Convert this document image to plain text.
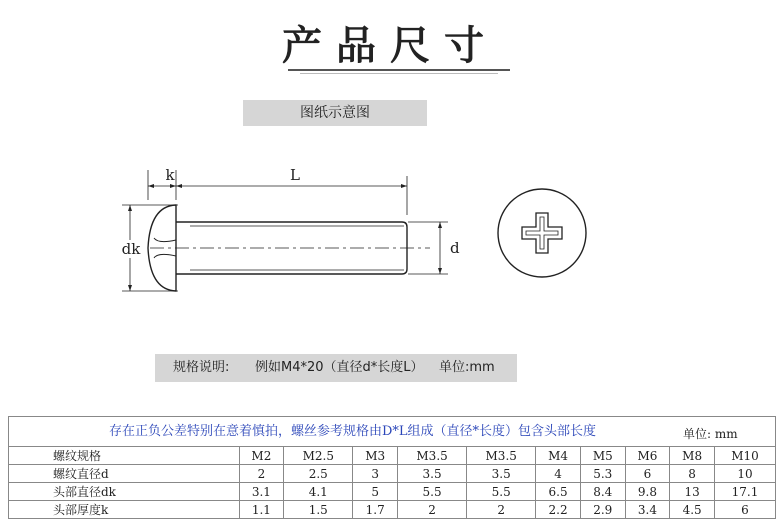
产品尺寸
图纸示意图
k	L
dk	d
规格说明: 例如M4*20（直径d*长度L） 单位:mm
存在正负公差特别在意着慎拍，螺丝参考规格由D*L组成（直径*长度）包含头部长度 单位: mm										

螺纹规格	M2	M2.5	M3	M3.5	M3.5	M4	M5	M6	M8	M10
螺纹直径d	2	2.5	3	3.5	3.5	4	5.3	6	8	10
头部直径dk	3.1	4.1	5	5.5	5.5	6.5	8.4	9.8	13	17.1
头部厚度k	1.1	1.5	1.7	2	2	2.2	2.9	3.4	4.5	6
